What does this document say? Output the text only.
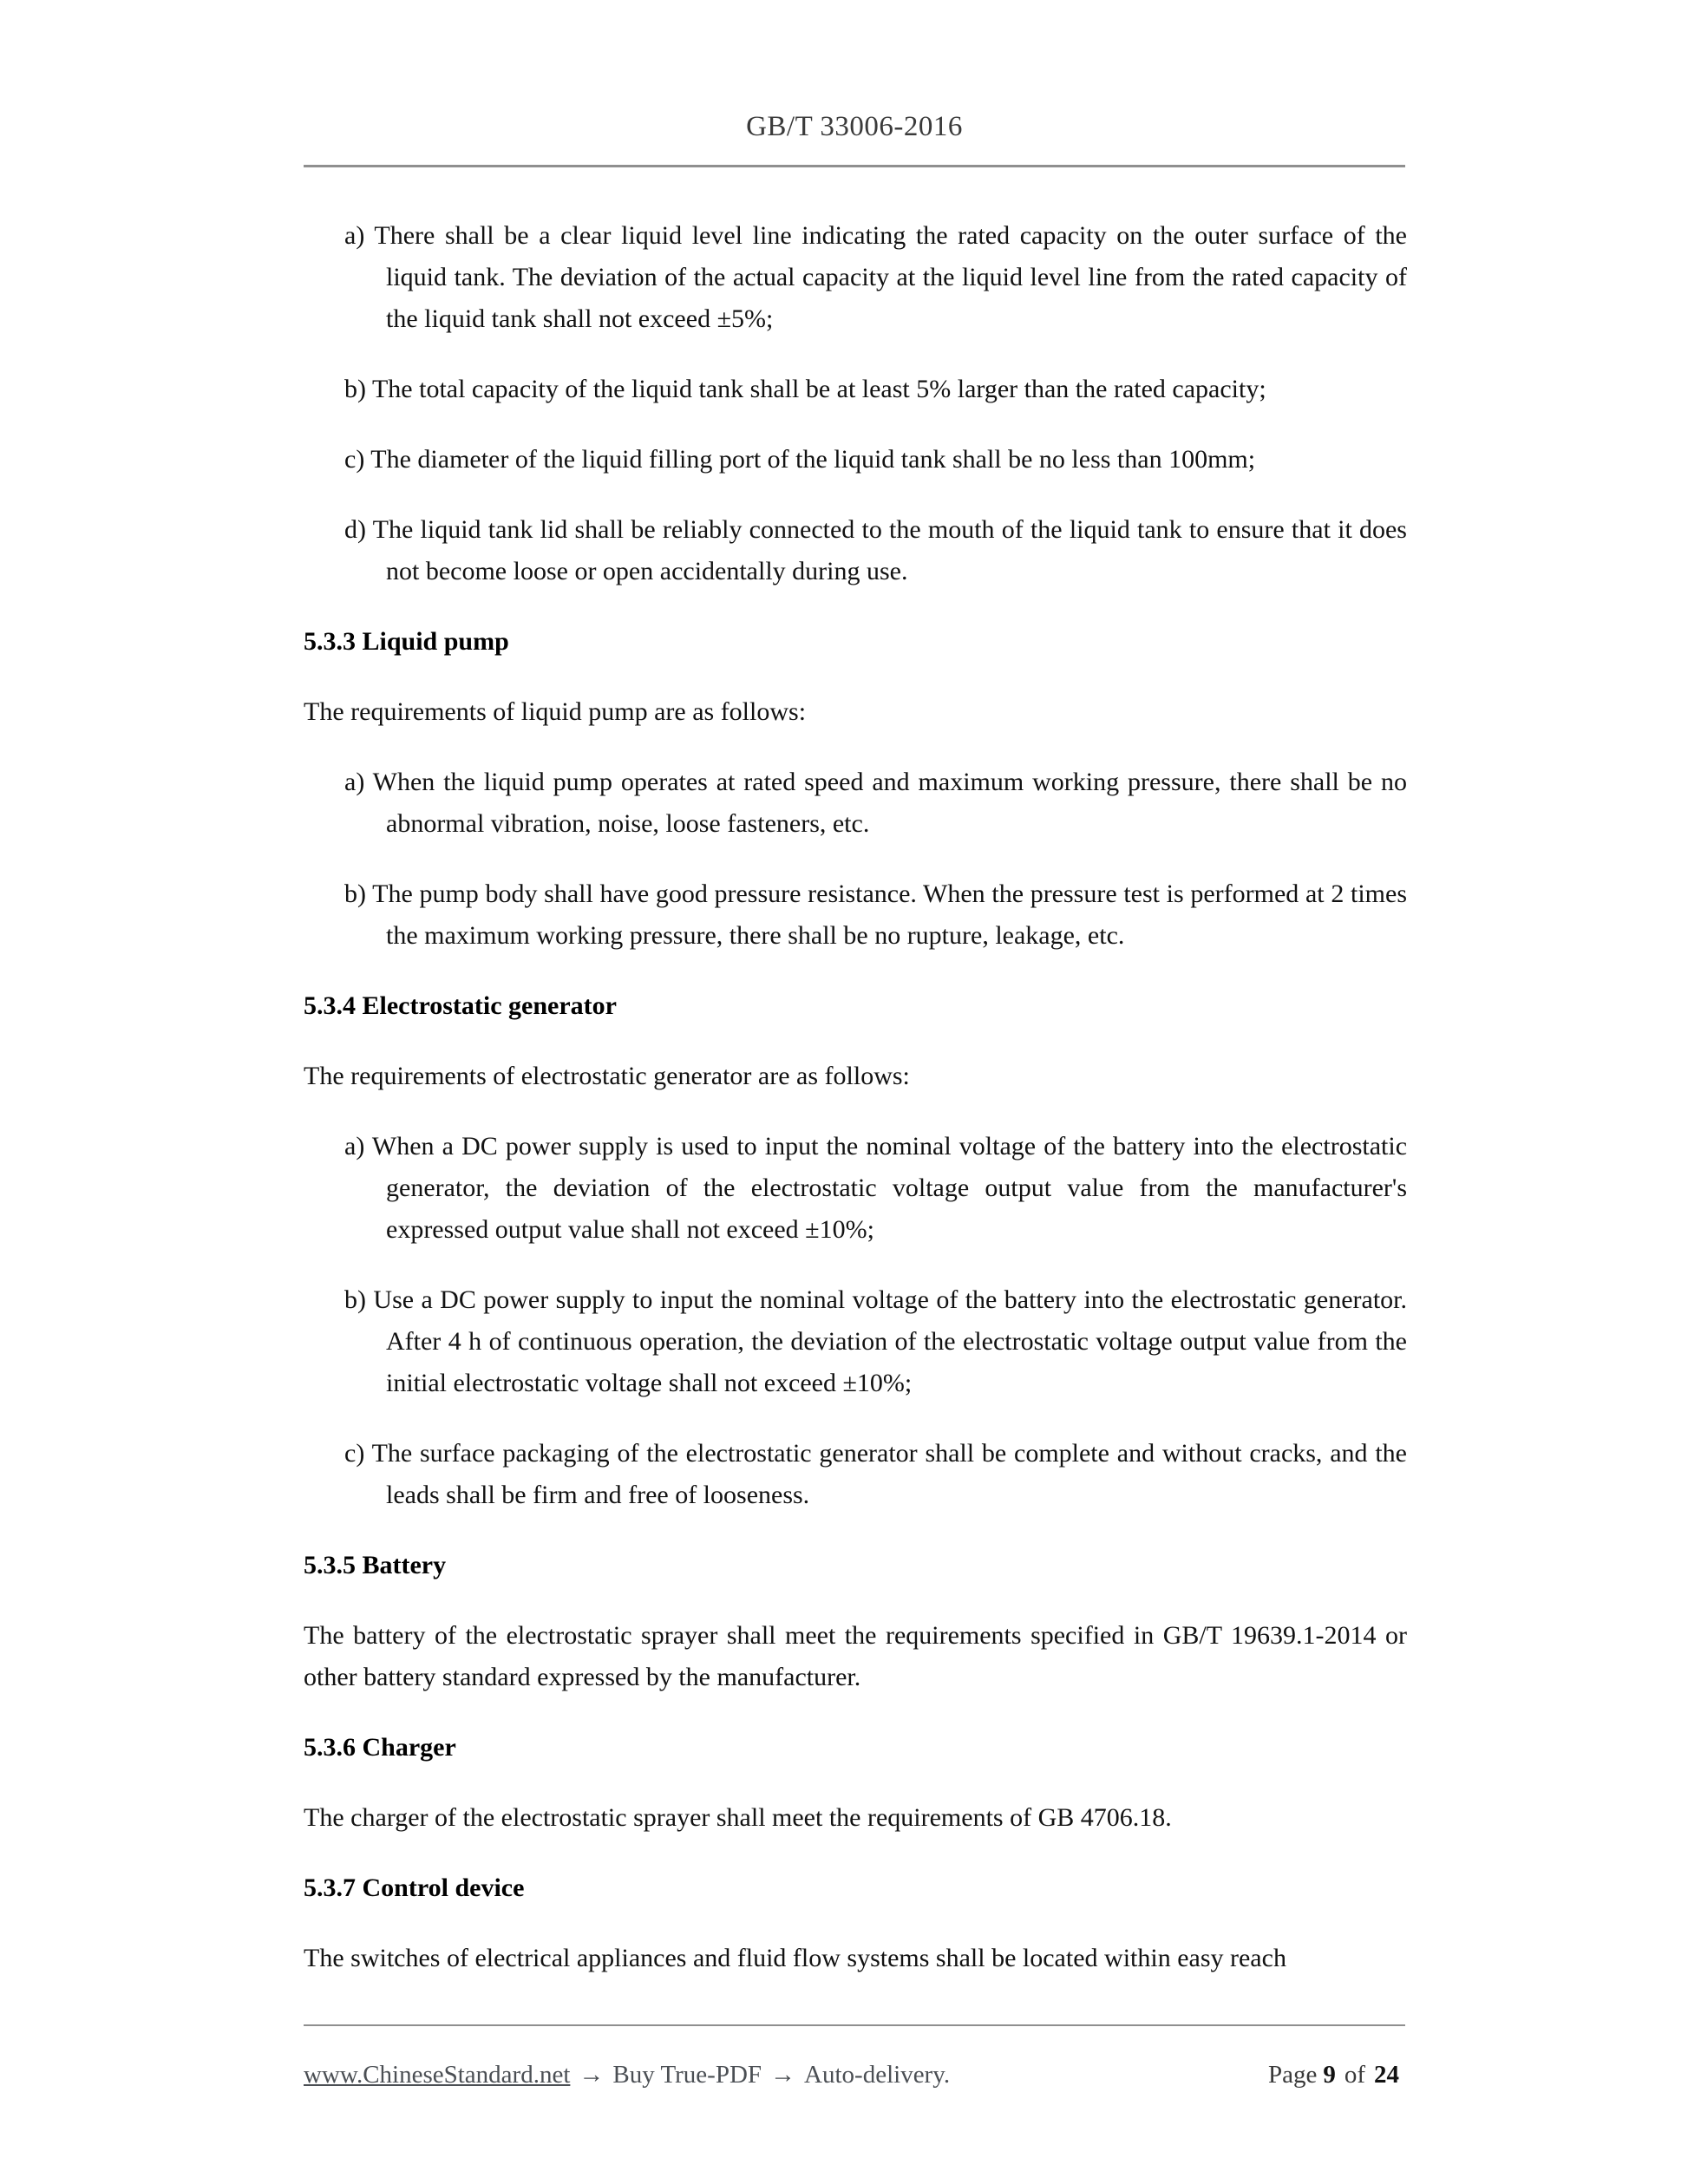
GB/T 33006-2016

a) There shall be a clear liquid level line indicating the rated capacity on the outer surface of the liquid tank. The deviation of the actual capacity at the liquid level line from the rated capacity of the liquid tank shall not exceed ±5%;

b) The total capacity of the liquid tank shall be at least 5% larger than the rated capacity;

c) The diameter of the liquid filling port of the liquid tank shall be no less than 100mm;

d) The liquid tank lid shall be reliably connected to the mouth of the liquid tank to ensure that it does not become loose or open accidentally during use.

5.3.3 Liquid pump

The requirements of liquid pump are as follows:

a) When the liquid pump operates at rated speed and maximum working pressure, there shall be no abnormal vibration, noise, loose fasteners, etc.

b) The pump body shall have good pressure resistance. When the pressure test is performed at 2 times the maximum working pressure, there shall be no rupture, leakage, etc.

5.3.4 Electrostatic generator

The requirements of electrostatic generator are as follows:

a) When a DC power supply is used to input the nominal voltage of the battery into the electrostatic generator, the deviation of the electrostatic voltage output value from the manufacturer's expressed output value shall not exceed ±10%;

b) Use a DC power supply to input the nominal voltage of the battery into the electrostatic generator. After 4 h of continuous operation, the deviation of the electrostatic voltage output value from the initial electrostatic voltage shall not exceed ±10%;

c) The surface packaging of the electrostatic generator shall be complete and without cracks, and the leads shall be firm and free of looseness.

5.3.5 Battery

The battery of the electrostatic sprayer shall meet the requirements specified in GB/T 19639.1-2014 or other battery standard expressed by the manufacturer.

5.3.6 Charger

The charger of the electrostatic sprayer shall meet the requirements of GB 4706.18.

5.3.7 Control device

The switches of electrical appliances and fluid flow systems shall be located within easy reach

www.ChineseStandard.net → Buy True-PDF → Auto-delivery.	Page 9 of 24
